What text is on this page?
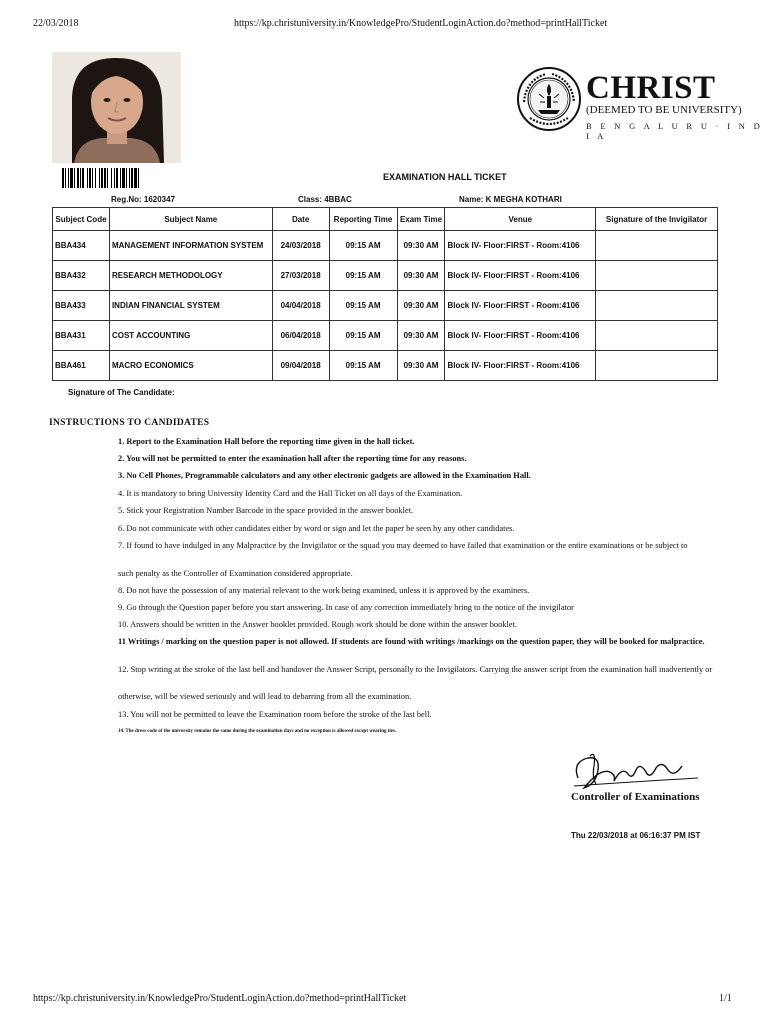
22/03/2018	https://kp.christuniversity.in/KnowledgePro/StudentLoginAction.do?method=printHallTicket
CHRIST
(DEEMED TO BE UNIVERSITY)
B E N G A L U R U · I N D I A
EXAMINATION HALL TICKET
Reg.No: 1620347	Class: 4BBAC	Name: K MEGHA KOTHARI
Subject Code	Subject Name	Date	Reporting Time	Exam Time	Venue	Signature of the Invigilator
BBA434	MANAGEMENT INFORMATION SYSTEM	24/03/2018	09:15 AM	09:30 AM	Block IV- Floor:FIRST - Room:4106	
BBA432	RESEARCH METHODOLOGY	27/03/2018	09:15 AM	09:30 AM	Block IV- Floor:FIRST - Room:4106	
BBA433	INDIAN FINANCIAL SYSTEM	04/04/2018	09:15 AM	09:30 AM	Block IV- Floor:FIRST - Room:4106	
BBA431	COST ACCOUNTING	06/04/2018	09:15 AM	09:30 AM	Block IV- Floor:FIRST - Room:4106	
BBA461	MACRO ECONOMICS	09/04/2018	09:15 AM	09:30 AM	Block IV- Floor:FIRST - Room:4106	
Signature of The Candidate:
INSTRUCTIONS TO CANDIDATES
1. Report to the Examination Hall before the reporting time given in the hall ticket.
2. You will not be permitted to enter the examination hall after the reporting time for any reasons.
3. No Cell Phones, Programmable calculators and any other electronic gadgets are allowed in the Examination Hall.
4. It is mandatory to bring University Identity Card and the Hall Ticket on all days of the Examination.
5. Stick your Registration Number Barcode in the space provided in the answer booklet.
6. Do not communicate with other candidates either by word or sign and let the paper be seen by any other candidates.
7. If found to have indulged in any Malpractice by the Invigilator or the squad you may deemed to have failed that examination or the entire examinations or be subject to
such penalty as the Controller of Examination considered appropriate.
8. Do not have the possession of any material relevant to the work being examined, unless it is approved by the examiners.
9. Go through the Question paper before you start answering. In case of any correction immediately bring to the notice of the invigilator
10. Answers should be written in the Answer booklet provided. Rough work should be done within the answer booklet.
11 Writings / marking on the question paper is not allowed. If students are found with writings /markings on the question paper, they will be booked for malpractice.
12. Stop writing at the stroke of the last bell and handover the Answer Script, personally to the Invigilators. Carrying the answer script from the examination hall inadvertently or
otherwise, will be viewed seriously and will lead to debarring from all the examination.
13. You will not be permitted to leave the Examination room before the stroke of the last bell.
14. The dress code of the university remains the same during the examination days and no exception is allowed except wearing ties.
Controller of Examinations
Thu 22/03/2018 at 06:16:37 PM IST
https://kp.christuniversity.in/KnowledgePro/StudentLoginAction.do?method=printHallTicket	1/1
